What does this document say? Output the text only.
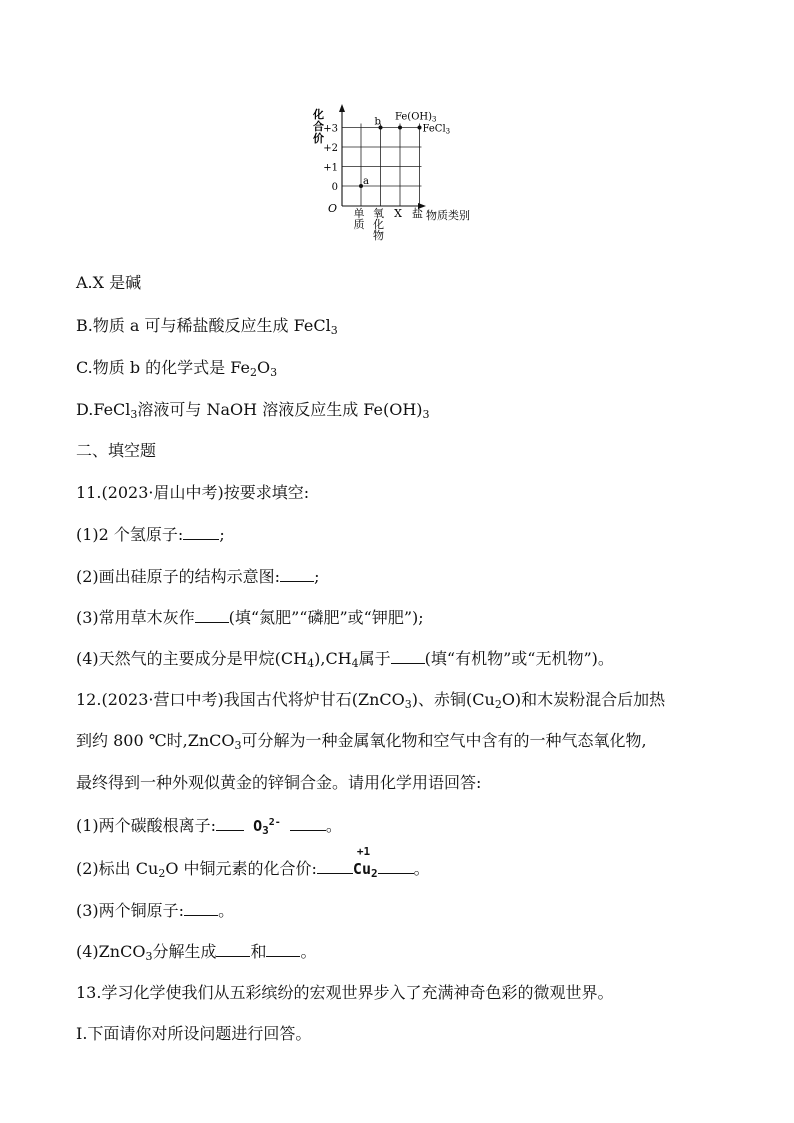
化合价
物质类别
O
0
+1
+2
+3
单质
氧化物
X 盐
a
b $Fe(OH)_3$
FeCl$_3$
A.X 是碱
B.物质 a 可与稀盐酸反应生成 FeCl$_3$
C.物质 b 的化学式是 $Fe_2O_3$
D.FeCl$_3$溶液可与 NaOH 溶液反应生成 $Fe(OH)_3$
二、填空题
11.(2023·眉山中考)按要求填空:
(1)2 个氢原子: ;
(2)画出硅原子的结构示意图: ;
(3)常用草木灰作 (填“氮肥”“磷肥”或“钾肥”);
(4)天然气的主要成分是甲烷$(CH_4),CH_4$属于 (填“有机物”或“无机物”)。
12.(2023·营口中考)我国古代将炉甘石(ZnCO$_3$)、赤铜$(Cu_2O)$和木炭粉混合后加热
到约 800 ℃时,ZnCO$_3$可分解为一种金属氧化物和空气中含有的一种气态氧化物,
最终得到一种外观似黄金的锌铜合金。请用化学用语回答:
(1)两个碳酸根离子: $O_3^{2-}$	。
(2)标出 $Cu_2O$ 中铜元素的化合价:
+1
$Cu_2$ 。
(3)两个铜原子: 。
(4)ZnCO$_3$分解生成 和 。
13.学习化学使我们从五彩缤纷的宏观世界步入了充满神奇色彩的微观世界。
Ⅰ.下面请你对所设问题进行回答。
